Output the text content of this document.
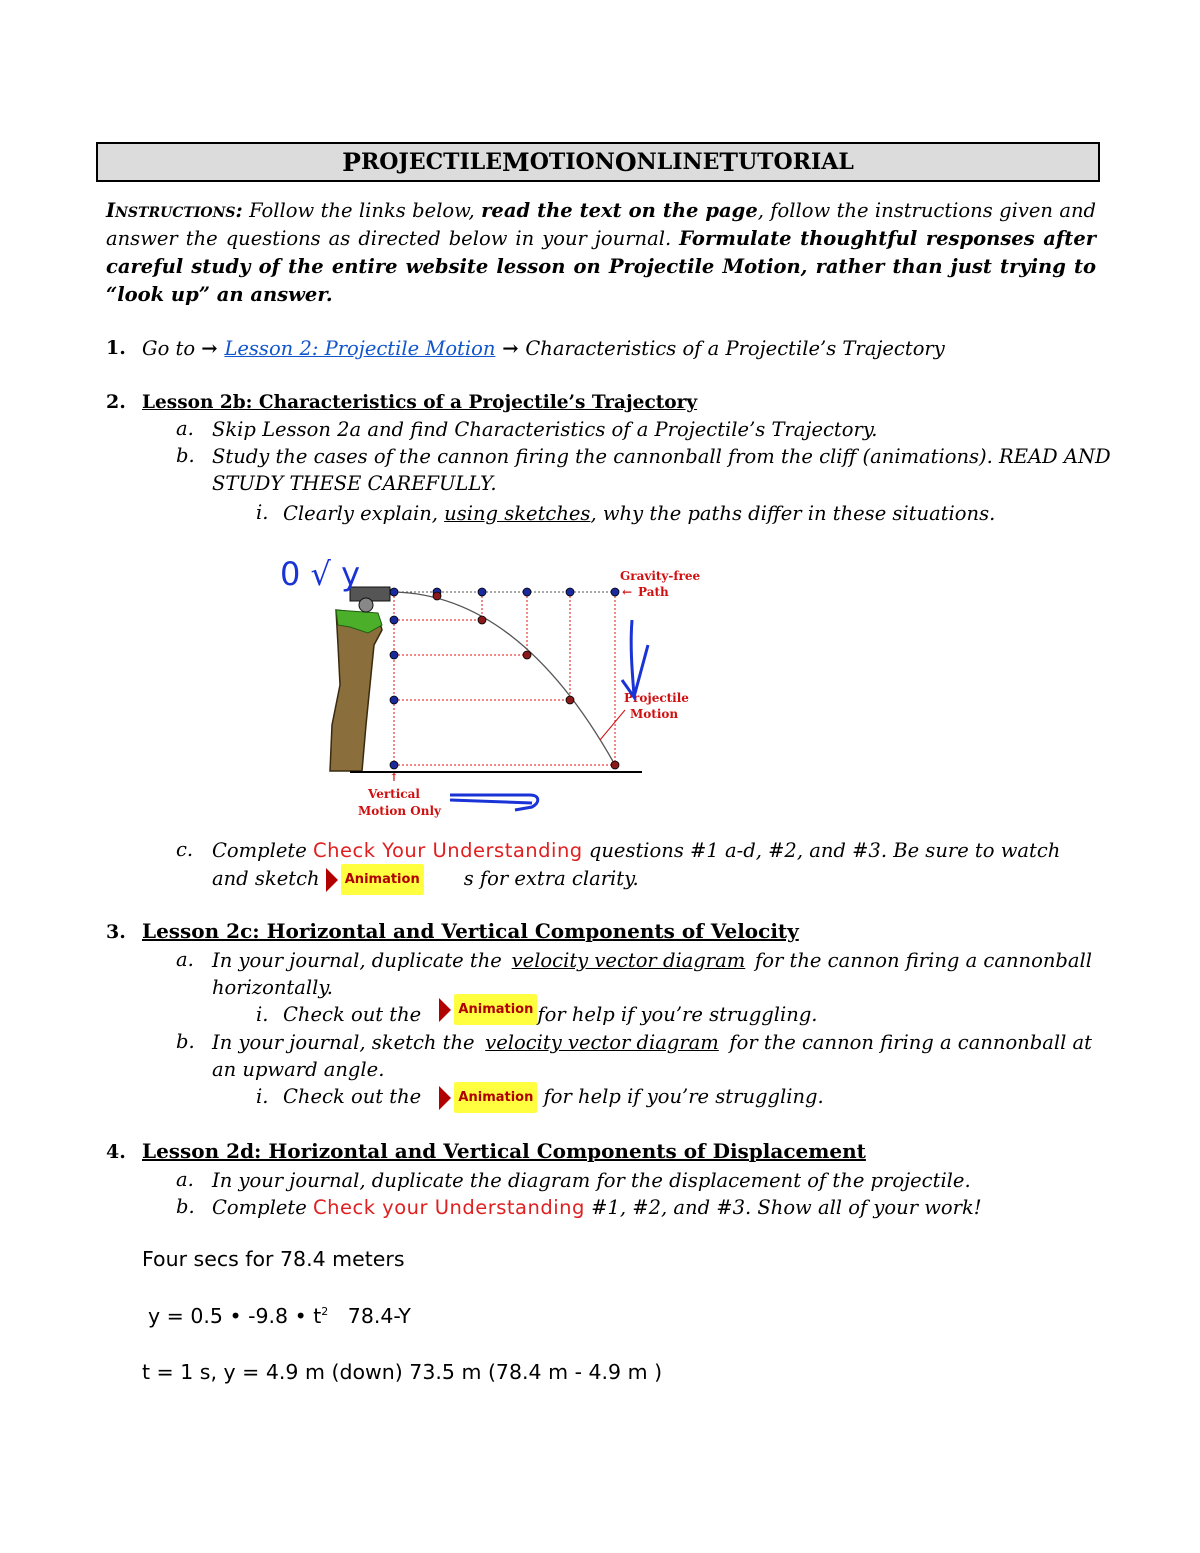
P ROJECTILE M OTION O NLINE T UTORIAL
Instructions: Follow the links below, read the text on the page, follow the instructions given and answer the questions as directed below in your journal. Formulate thoughtful responses after careful study of the entire website lesson on Projectile Motion, rather than just trying to “look up” an answer.
1. Go to → Lesson 2: Projectile Motion → Characteristics of a Projectile’s Trajectory
2. Lesson 2b: Characteristics of a Projectile’s Trajectory
a. Skip Lesson 2a and find Characteristics of a Projectile’s Trajectory.
b. Study the cases of the cannon firing the cannonball from the cliff (animations). READ AND
STUDY THESE CAREFULLY.
i. Clearly explain, using sketches, why the paths differ in these situations.
Gravity-free
← Path
Projectile
Motion
↑
Vertical
Motion Only
0 √ y
c. Complete Check Your Understanding questions #1 a-d, #2, and #3. Be sure to watch
and sketch	Animation s for extra clarity.
3. Lesson 2c: Horizontal and Vertical Components of Velocity
a. In your journal, duplicate the velocity vector diagram for the cannon firing a cannonball
horizontally.
i. Check out the	Animation for help if you’re struggling.
b. In your journal, sketch the velocity vector diagram for the cannon firing a cannonball at
an upward angle.
i. Check out the	Animation for help if you’re struggling.
4. Lesson 2d: Horizontal and Vertical Components of Displacement
a. In your journal, duplicate the diagram for the displacement of the projectile.
b. Complete Check your Understanding #1, #2, and #3. Show all of your work!
Four secs for 78.4 meters
y = 0.5 • -9.8 • $t^2$   78.4-Y
t = 1 s, y = 4.9 m (down) 73.5 m (78.4 m - 4.9 m )
